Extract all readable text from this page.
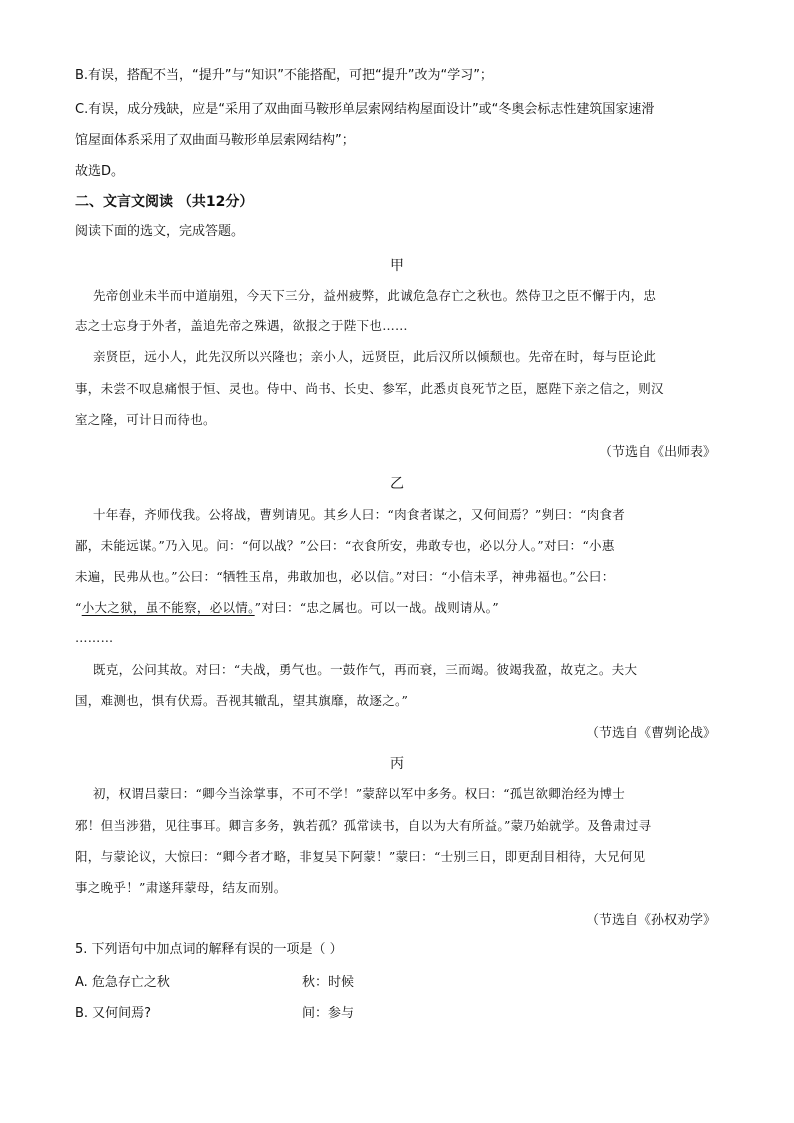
B.有误，搭配不当，“提升”与“知识”不能搭配，可把“提升”改为“学习”；
C.有误，成分残缺，应是“采用了双曲面马鞍形单层索网结构屋面设计”或“冬奥会标志性建筑国家速滑
馆屋面体系采用了双曲面马鞍形单层索网结构”；
故选D。
二、文言文阅读 （共12分）
阅读下面的选文，完成答题。
甲
先帝创业未半而中道崩殂，今天下三分，益州疲弊，此诚危急存亡之秋也。然侍卫之臣不懈于内，忠
志之士忘身于外者，盖追先帝之殊遇，欲报之于陛下也……
亲贤臣，远小人，此先汉所以兴隆也；亲小人，远贤臣，此后汉所以倾颓也。先帝在时，每与臣论此
事，未尝不叹息痛恨于恒、灵也。侍中、尚书、长史、参军，此悉贞良死节之臣，愿陛下亲之信之，则汉
室之隆，可计日而待也。
（节选自《出师表》
乙
十年春，齐师伐我。公将战，曹刿请见。其乡人曰：“肉食者谋之，又何间焉？”刿曰：“肉食者
鄙，未能远谋。”乃入见。问：“何以战？”公曰：“衣食所安，弗敢专也，必以分人。”对曰：“小惠
未遍，民弗从也。”公曰：“牺牲玉帛，弗敢加也，必以信。”对曰：“小信未孚，神弗福也。”公曰：
“小大之狱，虽不能察，必以情。”对曰：“忠之属也。可以一战。战则请从。”
………
既克，公问其故。对曰：“夫战，勇气也。一鼓作气，再而衰，三而竭。彼竭我盈，故克之。夫大
国，难测也，惧有伏焉。吾视其辙乱，望其旗靡，故逐之。”
（节选自《曹刿论战》
丙
初，权谓吕蒙曰：“卿今当涂掌事，不可不学！”蒙辞以军中多务。权曰：“孤岂欲卿治经为博士
邪！但当涉猎，见往事耳。卿言多务，孰若孤？孤常读书，自以为大有所益。”蒙乃始就学。及鲁肃过寻
阳，与蒙论议，大惊曰：“卿今者才略，非复吴下阿蒙！”蒙曰：“士别三日，即更刮目相待，大兄何见
事之晚乎！”肃遂拜蒙母，结友而别。
（节选自《孙权劝学》
5. 下列语句中加点词的解释有误的一项是（ ）
A. 危急存亡之秋	秋：时候
B. 又何间焉?	间：参与
